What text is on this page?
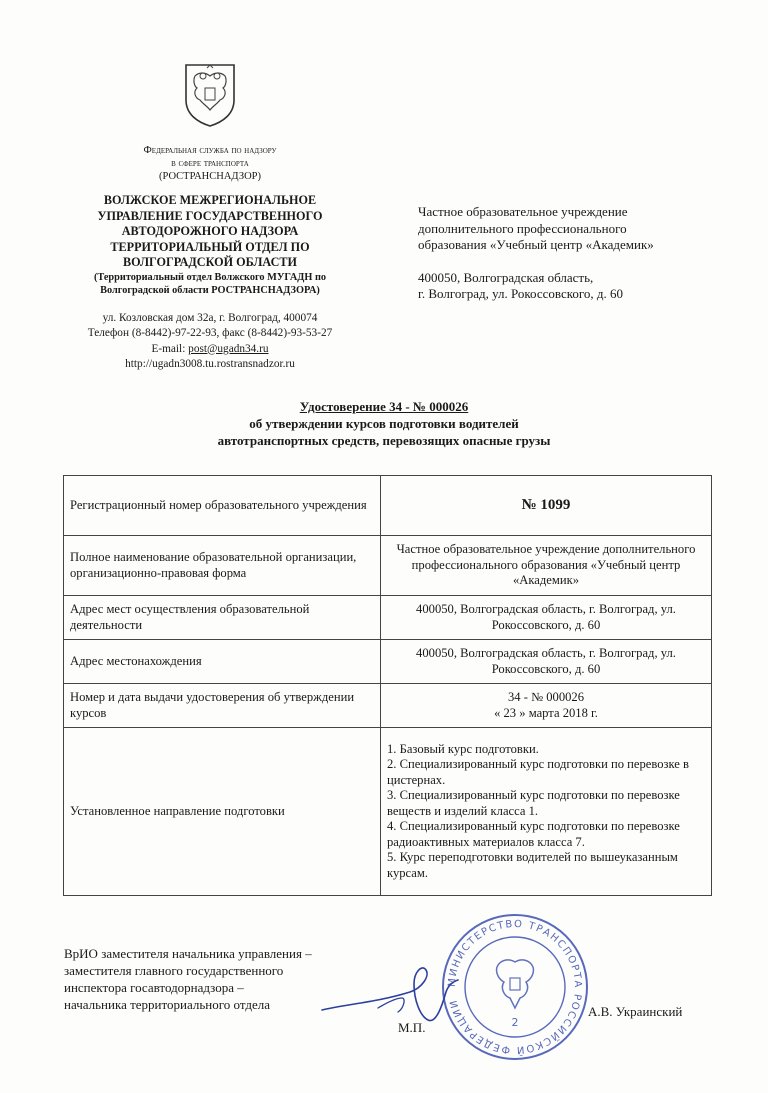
Федеральная служба по надзору
в сфере транспорта
(РОСТРАНСНАДЗОР)
ВОЛЖСКОЕ МЕЖРЕГИОНАЛЬНОЕ
УПРАВЛЕНИЕ ГОСУДАРСТВЕННОГО
АВТОДОРОЖНОГО НАДЗОРА
ТЕРРИТОРИАЛЬНЫЙ ОТДЕЛ ПО
ВОЛГОГРАДСКОЙ ОБЛАСТИ
(Территориальный отдел Волжского МУГАДН по
Волгоградской области РОСТРАНСНАДЗОРА)
ул. Козловская дом 32а, г. Волгоград, 400074
Телефон (8-8442)-97-22-93, факс (8-8442)-93-53-27
E-mail: post@ugadn34.ru
http://ugadn3008.tu.rostransnadzor.ru
Частное образовательное учреждение
дополнительного профессионального
образования «Учебный центр «Академик»
400050, Волгоградская область,
г. Волгоград, ул. Рокоссовского, д. 60
Удостоверение 34 - № 000026
об утверждении курсов подготовки водителей
автотранспортных средств, перевозящих опасные грузы
Регистрационный номер образовательного учреждения	№ 1099
Полное наименование образовательной организации, организационно-правовая форма	Частное образовательное учреждение дополнительного профессионального образования «Учебный центр «Академик»
Адрес мест осуществления образовательной деятельности	400050, Волгоградская область, г. Волгоград, ул. Рокоссовского, д. 60
Адрес местонахождения	400050, Волгоградская область, г. Волгоград, ул. Рокоссовского, д. 60
Номер и дата выдачи удостоверения об утверждении курсов	34 - № 000026
« 23 » марта 2018 г.

Установленное направление подготовки	1. Базовый курс подготовки.
2. Специализированный курс подготовки по перевозке в цистернах.
3. Специализированный курс подготовки по перевозке веществ и изделий класса 1.
4. Специализированный курс подготовки по перевозке радиоактивных материалов класса 7.
5. Курс переподготовки водителей по вышеуказанным курсам.
ВрИО заместителя начальника управления –
заместителя главного государственного
инспектора госавтодорнадзора –
начальника территориального отдела
МИНИСТЕРСТВО ТРАНСПОРТА РОССИЙСКОЙ ФЕДЕРАЦИИ
2
М.П.
А.В. Украинский
